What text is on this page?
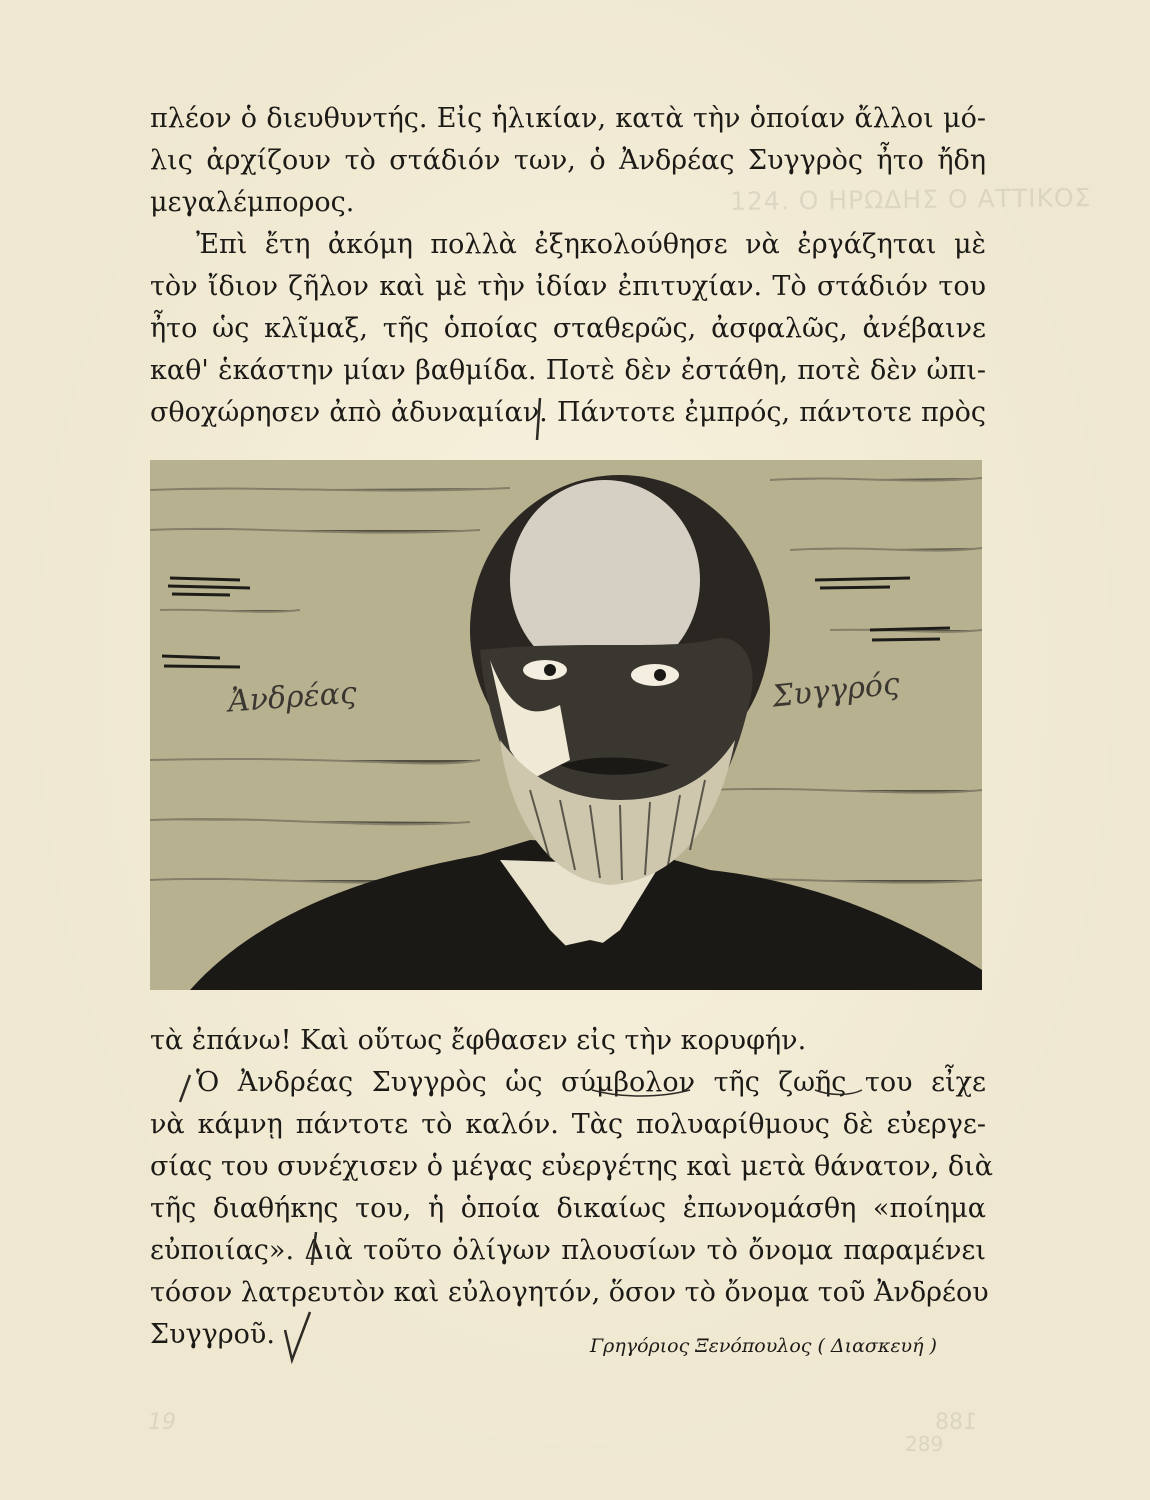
124. Ο ΗΡΩΔΗΣ Ο ΑΤΤΙΚΟΣ
19	188
289
πλέον ὁ διευθυντής. Εἰς ἡλικίαν, κατὰ τὴν ὁποίαν ἄλλοι μό-
λις ἀρχίζουν τὸ στάδιόν των, ὁ Ἀνδρέας Συγγρὸς ἦτο ἤδη
μεγαλέμπορος.
Ἐπὶ ἔτη ἀκόμη πολλὰ ἐξηκολούθησε νὰ ἐργάζηται μὲ
τὸν ἴδιον ζῆλον καὶ μὲ τὴν ἰδίαν ἐπιτυχίαν. Τὸ στάδιόν του
ἦτο ὡς κλῖμαξ, τῆς ὁποίας σταθερῶς, ἀσφαλῶς, ἀνέβαινε
καθ' ἑκάστην μίαν βαθμίδα. Ποτὲ δὲν ἐστάθη, ποτὲ δὲν ὠπι-
σθοχώρησεν ἀπὸ ἀδυναμίαν. Πάντοτε ἐμπρός, πάντοτε πρὸς
Ἀνδρέας	Συγγρός
τὰ ἐπάνω! Καὶ οὕτως ἔφθασεν εἰς τὴν κορυφήν.
Ὁ Ἀνδρέας Συγγρὸς ὡς σύμβολον τῆς ζωῆς του εἶχε
νὰ κάμνῃ πάντοτε τὸ καλόν. Τὰς πολυαρίθμους δὲ εὐεργε-
σίας του συνέχισεν ὁ μέγας εὐεργέτης καὶ μετὰ θάνατον, διὰ
τῆς διαθήκης του, ἡ ὁποία δικαίως ἐπωνομάσθη «ποίημα
εὐποιίας». Διὰ τοῦτο ὀλίγων πλουσίων τὸ ὄνομα παραμένει
τόσον λατρευτὸν καὶ εὐλογητόν, ὅσον τὸ ὄνομα τοῦ Ἀνδρέου
Συγγροῦ.	Γρηγόριος Ξενόπουλος ( Διασκευή )
